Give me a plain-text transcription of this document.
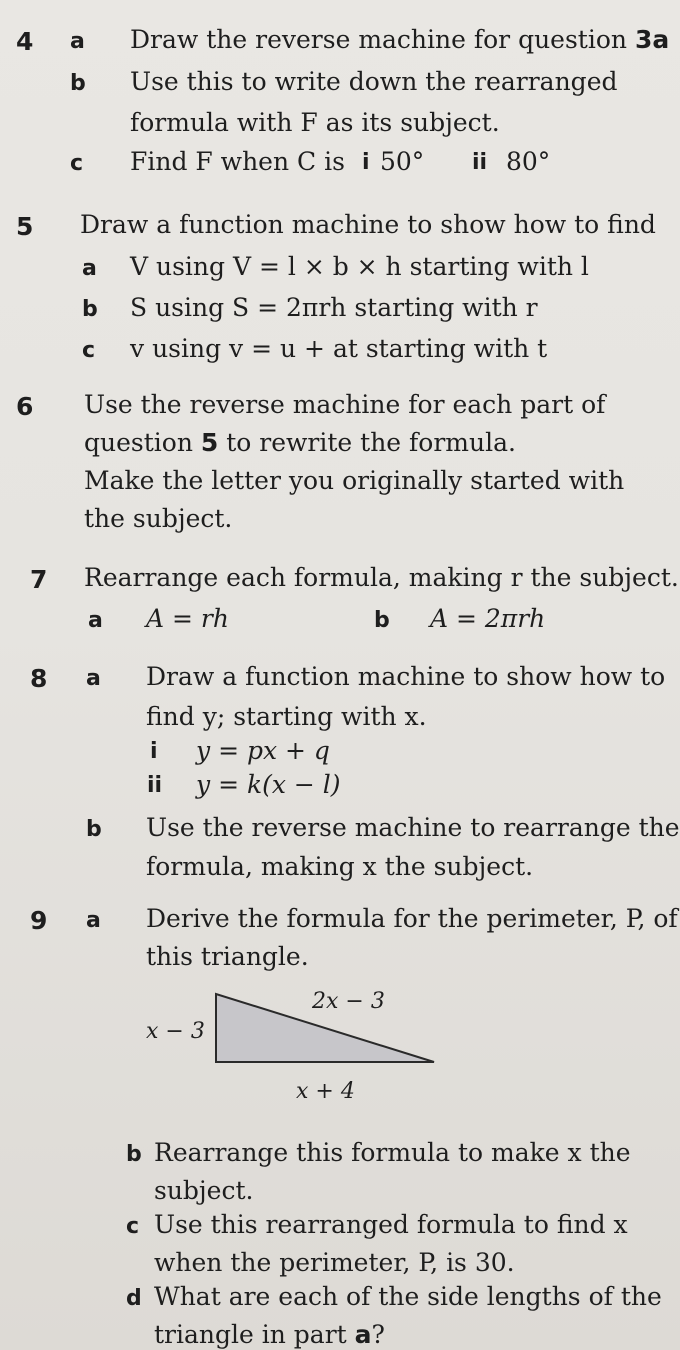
4 a Draw the reverse machine for question 3a
b Use this to write down the rearranged
formula with F as its subject.
c Find F when C is i 50° ii 80°
5 Draw a function machine to show how to find
a V using V = l × b × h starting with l
b S using S = 2πrh starting with r
c v using v = u + at starting with t
6 Use the reverse machine for each part of
question 5 to rewrite the formula.
Make the letter you originally started with
the subject.
7 Rearrange each formula, making r the subject.
a A = rh	b A = 2πrh
8 a Draw a function machine to show how to
find y; starting with x.
i y = px + q
ii y = k(x − l)
b Use the reverse machine to rearrange the
formula, making x the subject.
9 a Derive the formula for the perimeter, P, of
this triangle.
x − 3
2x − 3
x + 4
b Rearrange this formula to make x the
subject.
c Use this rearranged formula to find x
when the perimeter, P, is 30.
d What are each of the side lengths of the
triangle in part a?
